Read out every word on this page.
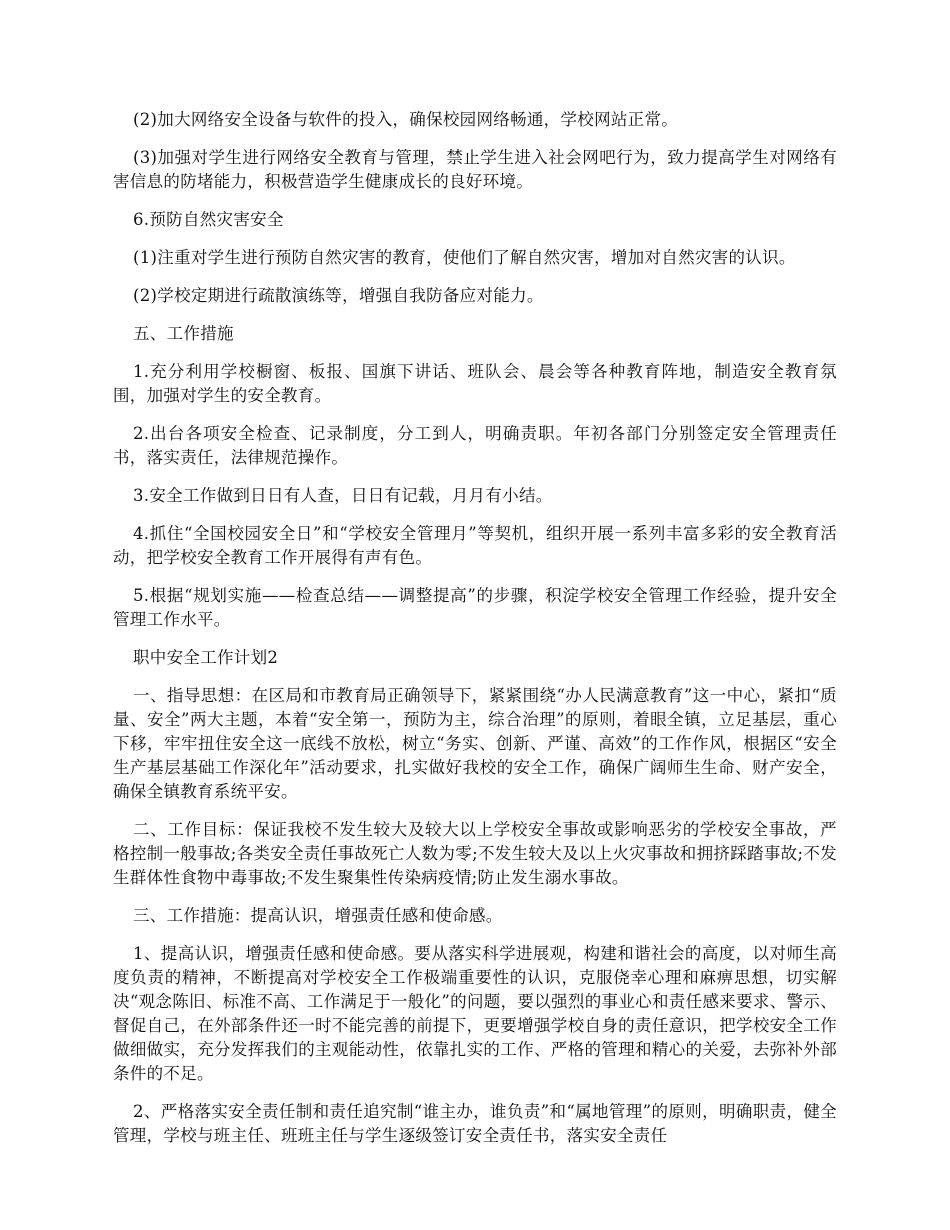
(2)加大网络安全设备与软件的投入，确保校园网络畅通，学校网站正常。

(3)加强对学生进行网络安全教育与管理，禁止学生进入社会网吧行为，致力提高学生对网络有害信息的防堵能力，积极营造学生健康成长的良好环境。

6.预防自然灾害安全

(1)注重对学生进行预防自然灾害的教育，使他们了解自然灾害，增加对自然灾害的认识。

(2)学校定期进行疏散演练等，增强自我防备应对能力。

五、工作措施

1.充分利用学校橱窗、板报、国旗下讲话、班队会、晨会等各种教育阵地，制造安全教育氛围，加强对学生的安全教育。

2.出台各项安全检查、记录制度，分工到人，明确责职。年初各部门分别签定安全管理责任书，落实责任，法律规范操作。

3.安全工作做到日日有人查，日日有记载，月月有小结。

4.抓住“全国校园安全日”和“学校安全管理月”等契机，组织开展一系列丰富多彩的安全教育活动，把学校安全教育工作开展得有声有色。

5.根据“规划实施——检查总结——调整提高”的步骤，积淀学校安全管理工作经验，提升安全管理工作水平。

职中安全工作计划2

一、指导思想：在区局和市教育局正确领导下，紧紧围绕“办人民满意教育”这一中心，紧扣“质量、安全”两大主题，本着“安全第一，预防为主，综合治理”的原则，着眼全镇，立足基层，重心下移，牢牢扭住安全这一底线不放松，树立“务实、创新、严谨、高效”的工作作风，根据区“安全生产基层基础工作深化年”活动要求，扎实做好我校的安全工作，确保广阔师生生命、财产安全，确保全镇教育系统平安。

二、工作目标：保证我校不发生较大及较大以上学校安全事故或影响恶劣的学校安全事故，严格控制一般事故;各类安全责任事故死亡人数为零;不发生较大及以上火灾事故和拥挤踩踏事故;不发生群体性食物中毒事故;不发生聚集性传染病疫情;防止发生溺水事故。

三、工作措施：提高认识，增强责任感和使命感。

1、提高认识，增强责任感和使命感。要从落实科学进展观，构建和谐社会的高度，以对师生高度负责的精神，不断提高对学校安全工作极端重要性的认识，克服侥幸心理和麻痹思想，切实解决“观念陈旧、标准不高、工作满足于一般化”的问题，要以强烈的事业心和责任感来要求、警示、督促自己，在外部条件还一时不能完善的前提下，更要增强学校自身的责任意识，把学校安全工作做细做实，充分发挥我们的主观能动性，依靠扎实的工作、严格的管理和精心的关爱，去弥补外部条件的不足。

2、严格落实安全责任制和责任追究制“谁主办，谁负责”和“属地管理”的原则，明确职责，健全管理，学校与班主任、班班主任与学生逐级签订安全责任书，落实安全责任
